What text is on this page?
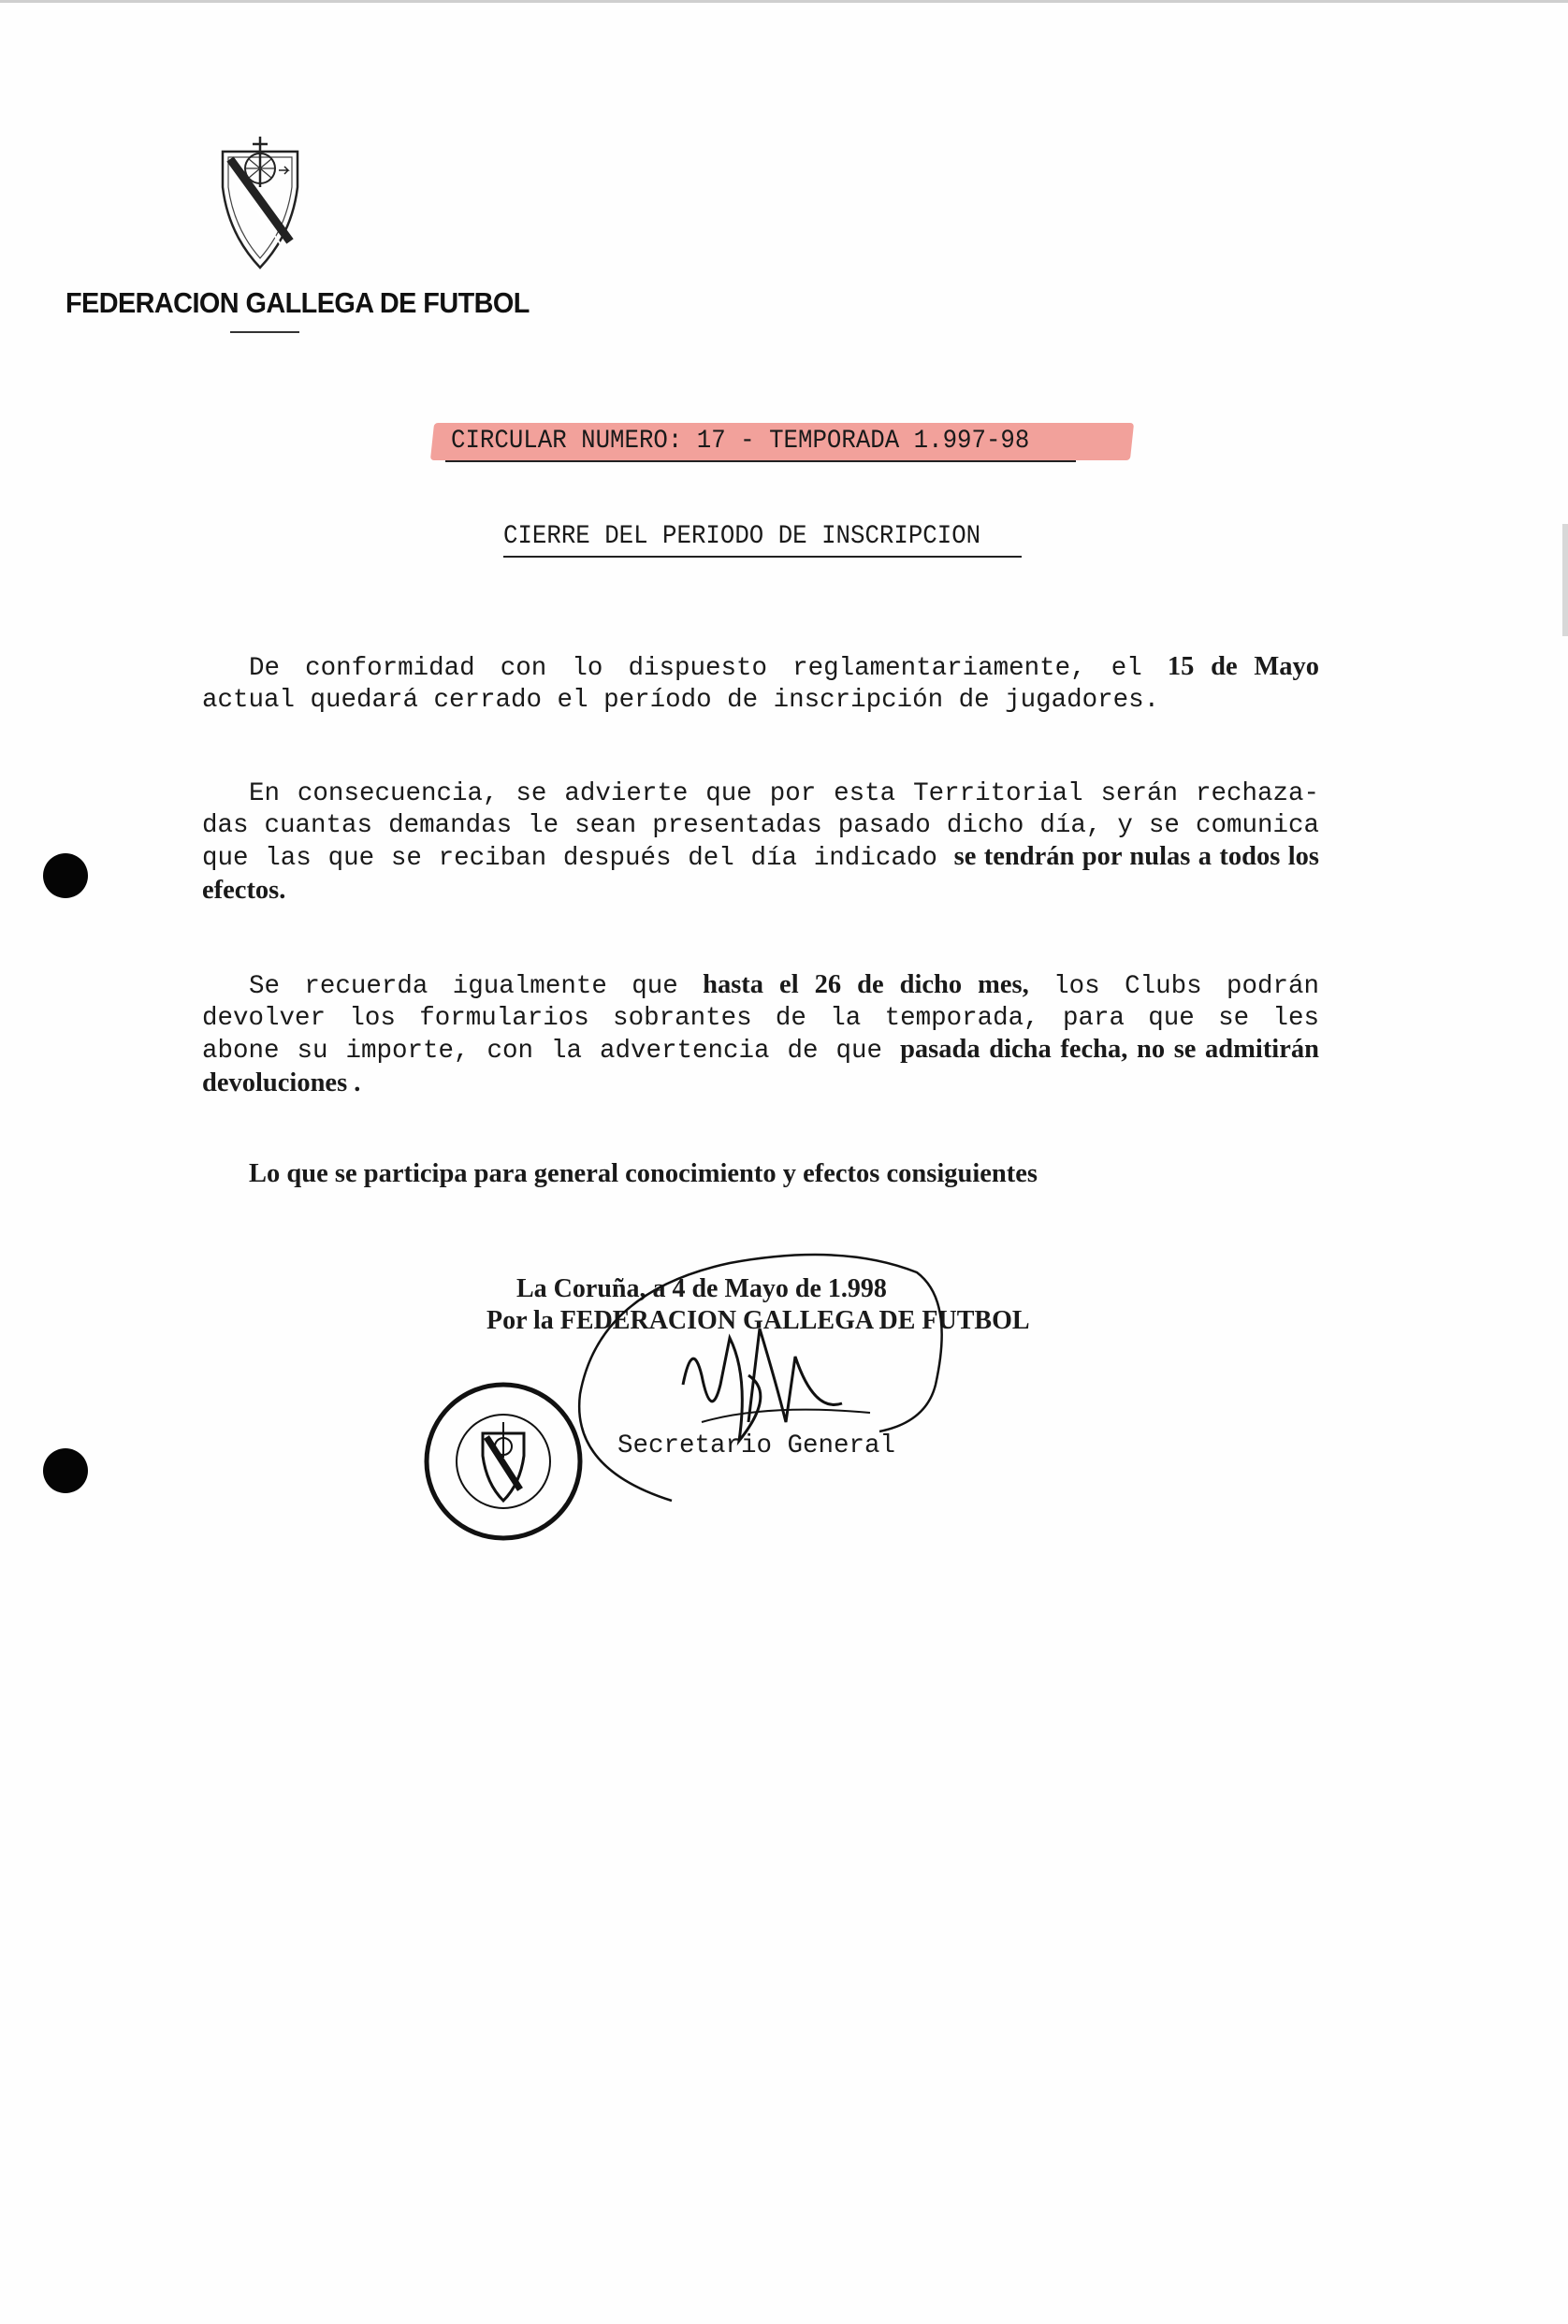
FEDERACION GALLEGA DE FUTBOL
CIRCULAR NUMERO: 17 - TEMPORADA 1.997-98
CIERRE DEL PERIODO DE INSCRIPCION
De conformidad con lo dispuesto reglamentariamente, el 15 de Mayo actual quedará cerrado el período de inscripción de jugadores.
En consecuencia, se advierte que por esta Territorial serán rechaza-das cuantas demandas le sean presentadas pasado dicho día, y se comunica que las que se reciban después del día indicado se tendrán por nulas a todos los efectos.
Se recuerda igualmente que hasta el 26 de dicho mes, los Clubs podrán devolver los formularios sobrantes de la temporada, para que se les abone su importe, con la advertencia de que pasada dicha fecha, no se admitirán devoluciones .
Lo que se participa para general conocimiento y efectos consiguientes
La Coruña, a 4 de Mayo de 1.998
Por la FEDERACION GALLEGA DE FUTBOL
Secretario General
